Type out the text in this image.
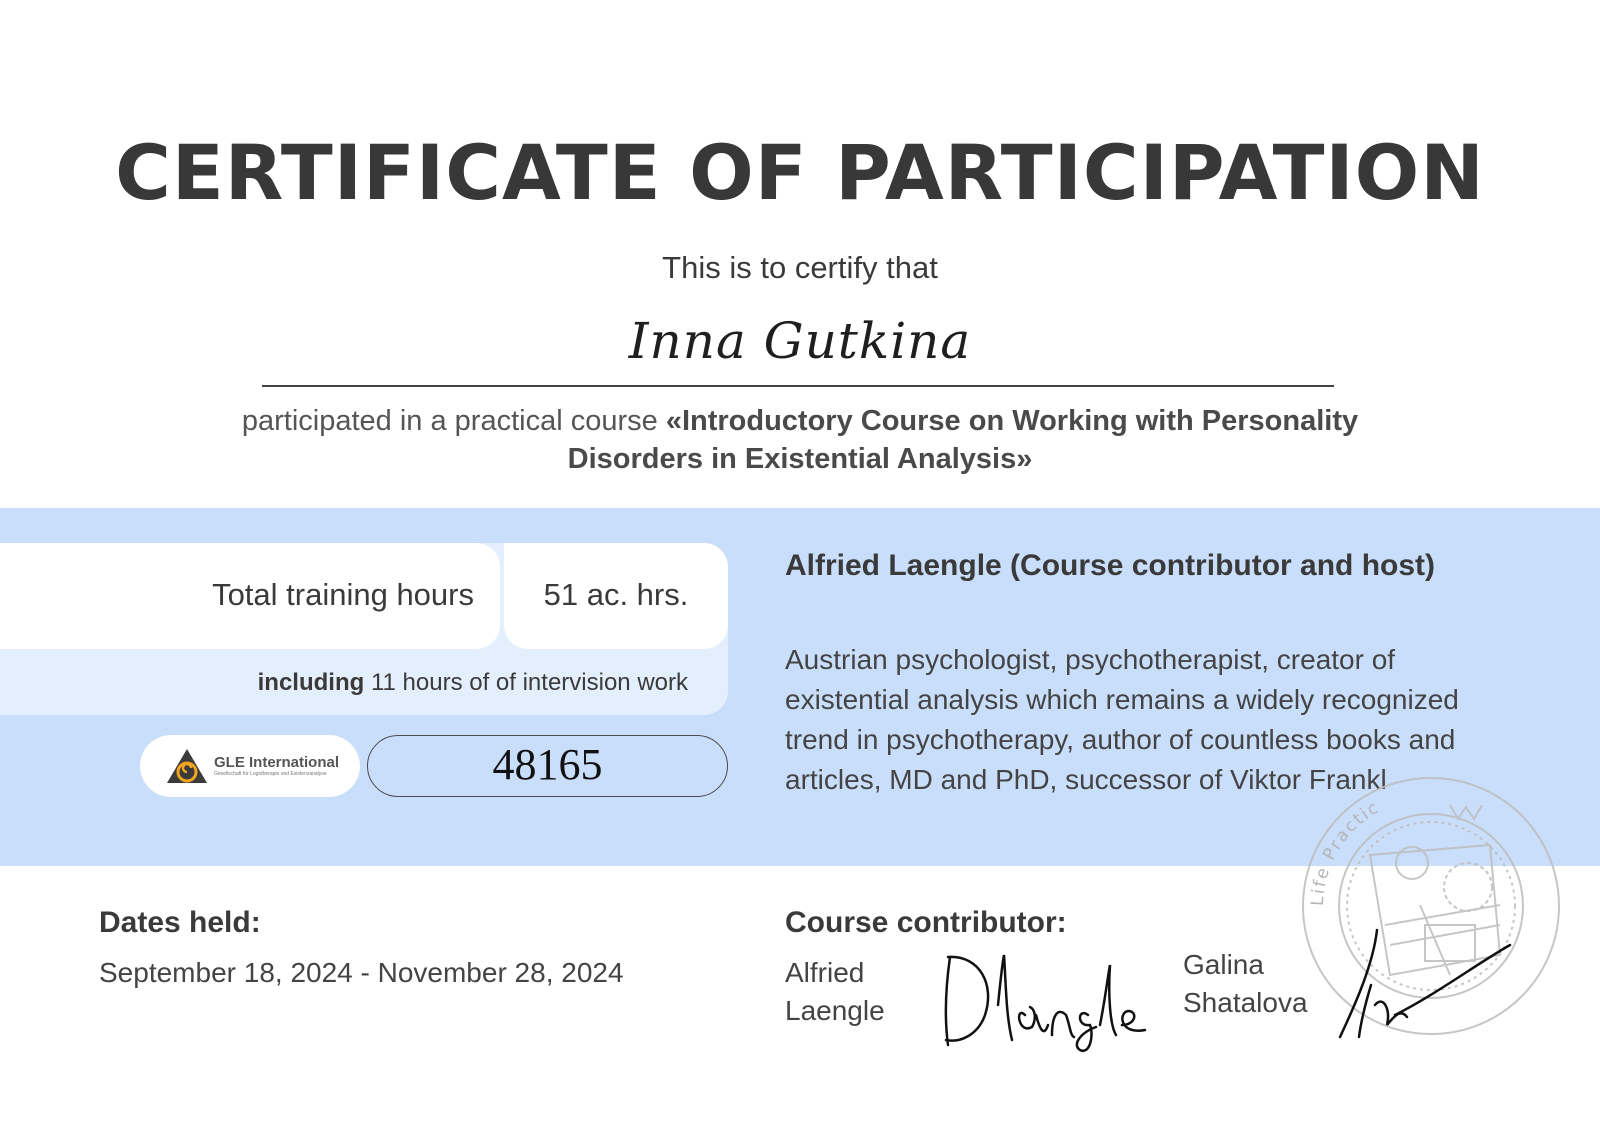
CERTIFICATE OF PARTICIPATION
This is to certify that
Inna Gutkina
participated in a practical course «Introductory Course on Working with Personality Disorders in Existential Analysis»
including 11 hours of of intervision work
Total training hours	51 ac. hrs.
GLE International
Gesellschaft für Logotherapie und Existenzanalyse	48165
Alfried Laengle (Course contributor and host)
Austrian psychologist, psychotherapist, creator of existential analysis which remains a widely recognized trend in psychotherapy, author of countless books and articles, MD and PhD, successor of Viktor Frankl
Dates held:
September 18, 2024 - November 28, 2024
Course contributor:
Alfried Laengle
Galina Shatalova
Life Practic
